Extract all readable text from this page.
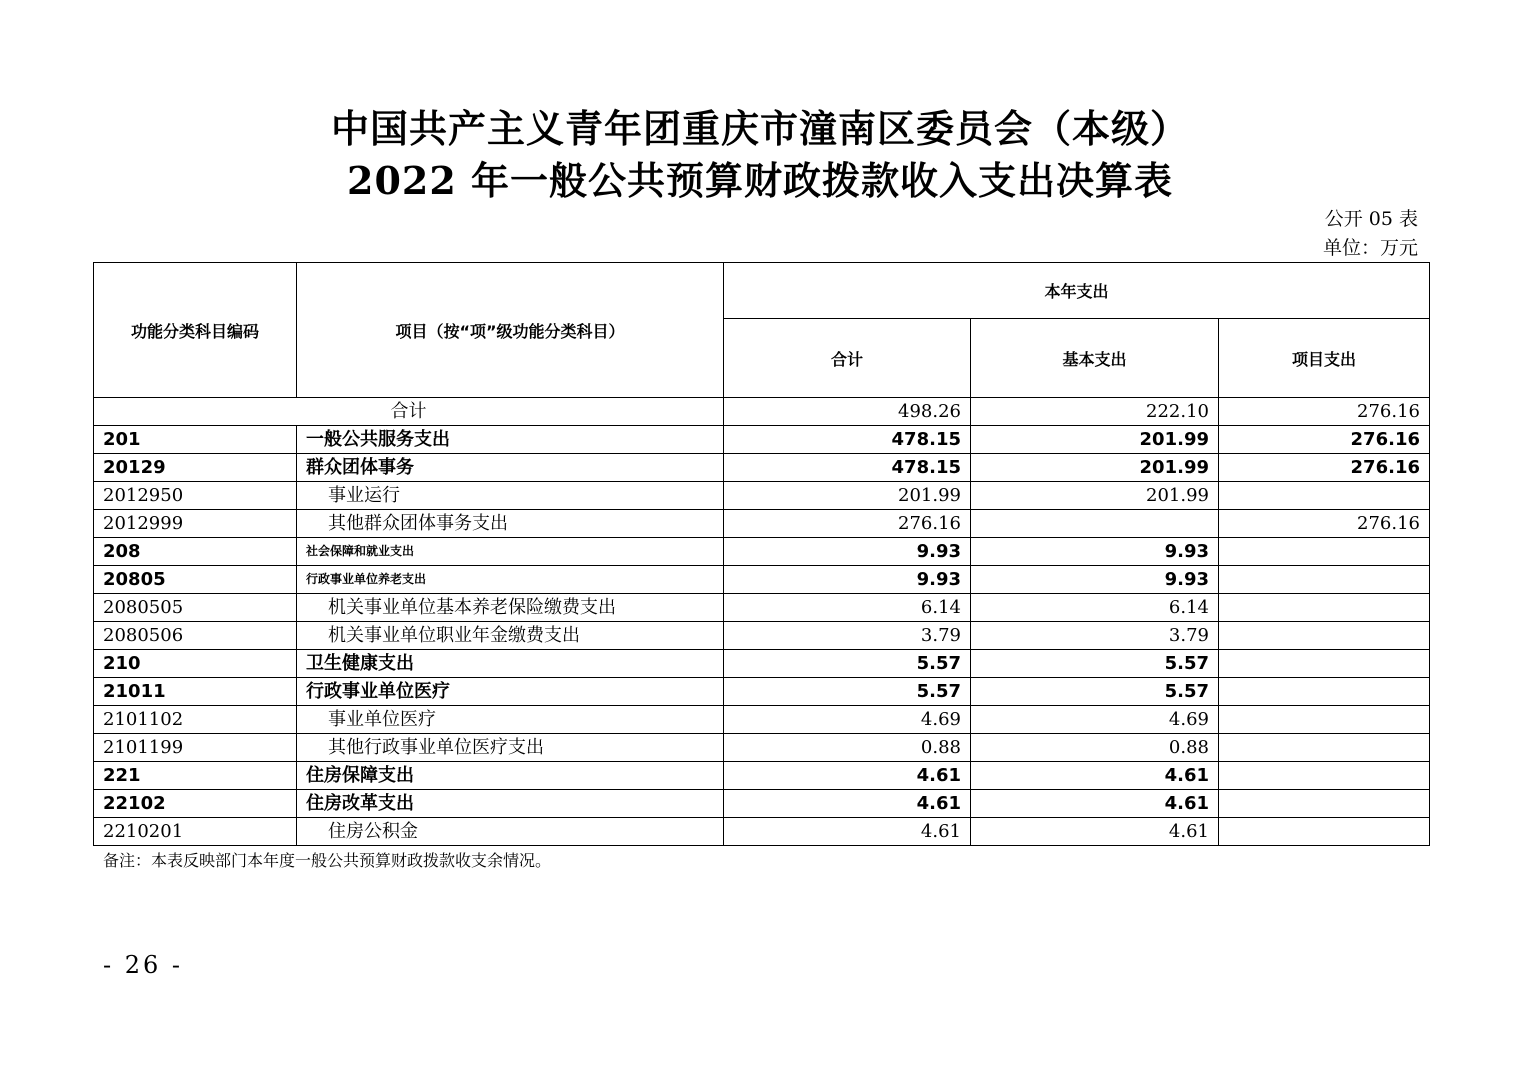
中国共产主义青年团重庆市潼南区委员会（本级）
2022 年一般公共预算财政拨款收入支出决算表
公开 05 表
单位：万元
功能分类科目编码	项目（按“项”级功能分类科目）	本年支出		
		合计	基本支出	项目支出
合计		498.26	222.10	276.16
201	一般公共服务支出	478.15	201.99	276.16
20129	群众团体事务	478.15	201.99	276.16
2012950	事业运行	201.99	201.99	
2012999	其他群众团体事务支出	276.16		276.16
208	社会保障和就业支出	9.93	9.93	
20805	行政事业单位养老支出	9.93	9.93	
2080505	机关事业单位基本养老保险缴费支出	6.14	6.14	
2080506	机关事业单位职业年金缴费支出	3.79	3.79	
210	卫生健康支出	5.57	5.57	
21011	行政事业单位医疗	5.57	5.57	
2101102	事业单位医疗	4.69	4.69	
2101199	其他行政事业单位医疗支出	0.88	0.88	
221	住房保障支出	4.61	4.61	
22102	住房改革支出	4.61	4.61	
2210201	住房公积金	4.61	4.61	
备注：本表反映部门本年度一般公共预算财政拨款收支余情况。
- 26 -
